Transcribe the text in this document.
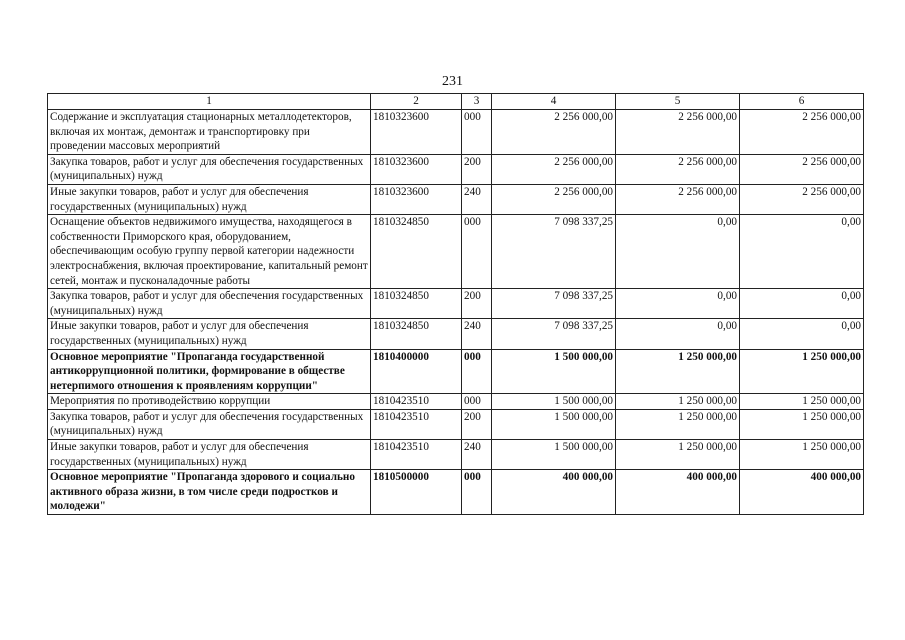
231
1	2	3	4	5	6
Содержание и эксплуатация стационарных металлодетекторов, включая их монтаж, демонтаж и транспортировку при проведении массовых мероприятий	1810323600	000	2 256 000,00	2 256 000,00	2 256 000,00
Закупка товаров, работ и услуг для обеспечения государственных (муниципальных) нужд	1810323600	200	2 256 000,00	2 256 000,00	2 256 000,00
Иные закупки товаров, работ и услуг для обеспечения государственных (муниципальных) нужд	1810323600	240	2 256 000,00	2 256 000,00	2 256 000,00
Оснащение объектов недвижимого имущества, находящегося в собственности Приморского края, оборудованием, обеспечивающим особую группу первой категории надежности электроснабжения, включая проектирование, капитальный ремонт сетей, монтаж и пусконаладочные работы	1810324850	000	7 098 337,25	0,00	0,00
Закупка товаров, работ и услуг для обеспечения государственных (муниципальных) нужд	1810324850	200	7 098 337,25	0,00	0,00
Иные закупки товаров, работ и услуг для обеспечения государственных (муниципальных) нужд	1810324850	240	7 098 337,25	0,00	0,00
Основное мероприятие "Пропаганда государственной антикоррупционной политики, формирование в обществе нетерпимого отношения к проявлениям коррупции"	1810400000	000	1 500 000,00	1 250 000,00	1 250 000,00
Мероприятия по противодействию коррупции	1810423510	000	1 500 000,00	1 250 000,00	1 250 000,00
Закупка товаров, работ и услуг для обеспечения государственных (муниципальных) нужд	1810423510	200	1 500 000,00	1 250 000,00	1 250 000,00
Иные закупки товаров, работ и услуг для обеспечения государственных (муниципальных) нужд	1810423510	240	1 500 000,00	1 250 000,00	1 250 000,00
Основное мероприятие "Пропаганда здорового и социально активного образа жизни, в том числе среди подростков и молодежи"	1810500000	000	400 000,00	400 000,00	400 000,00
